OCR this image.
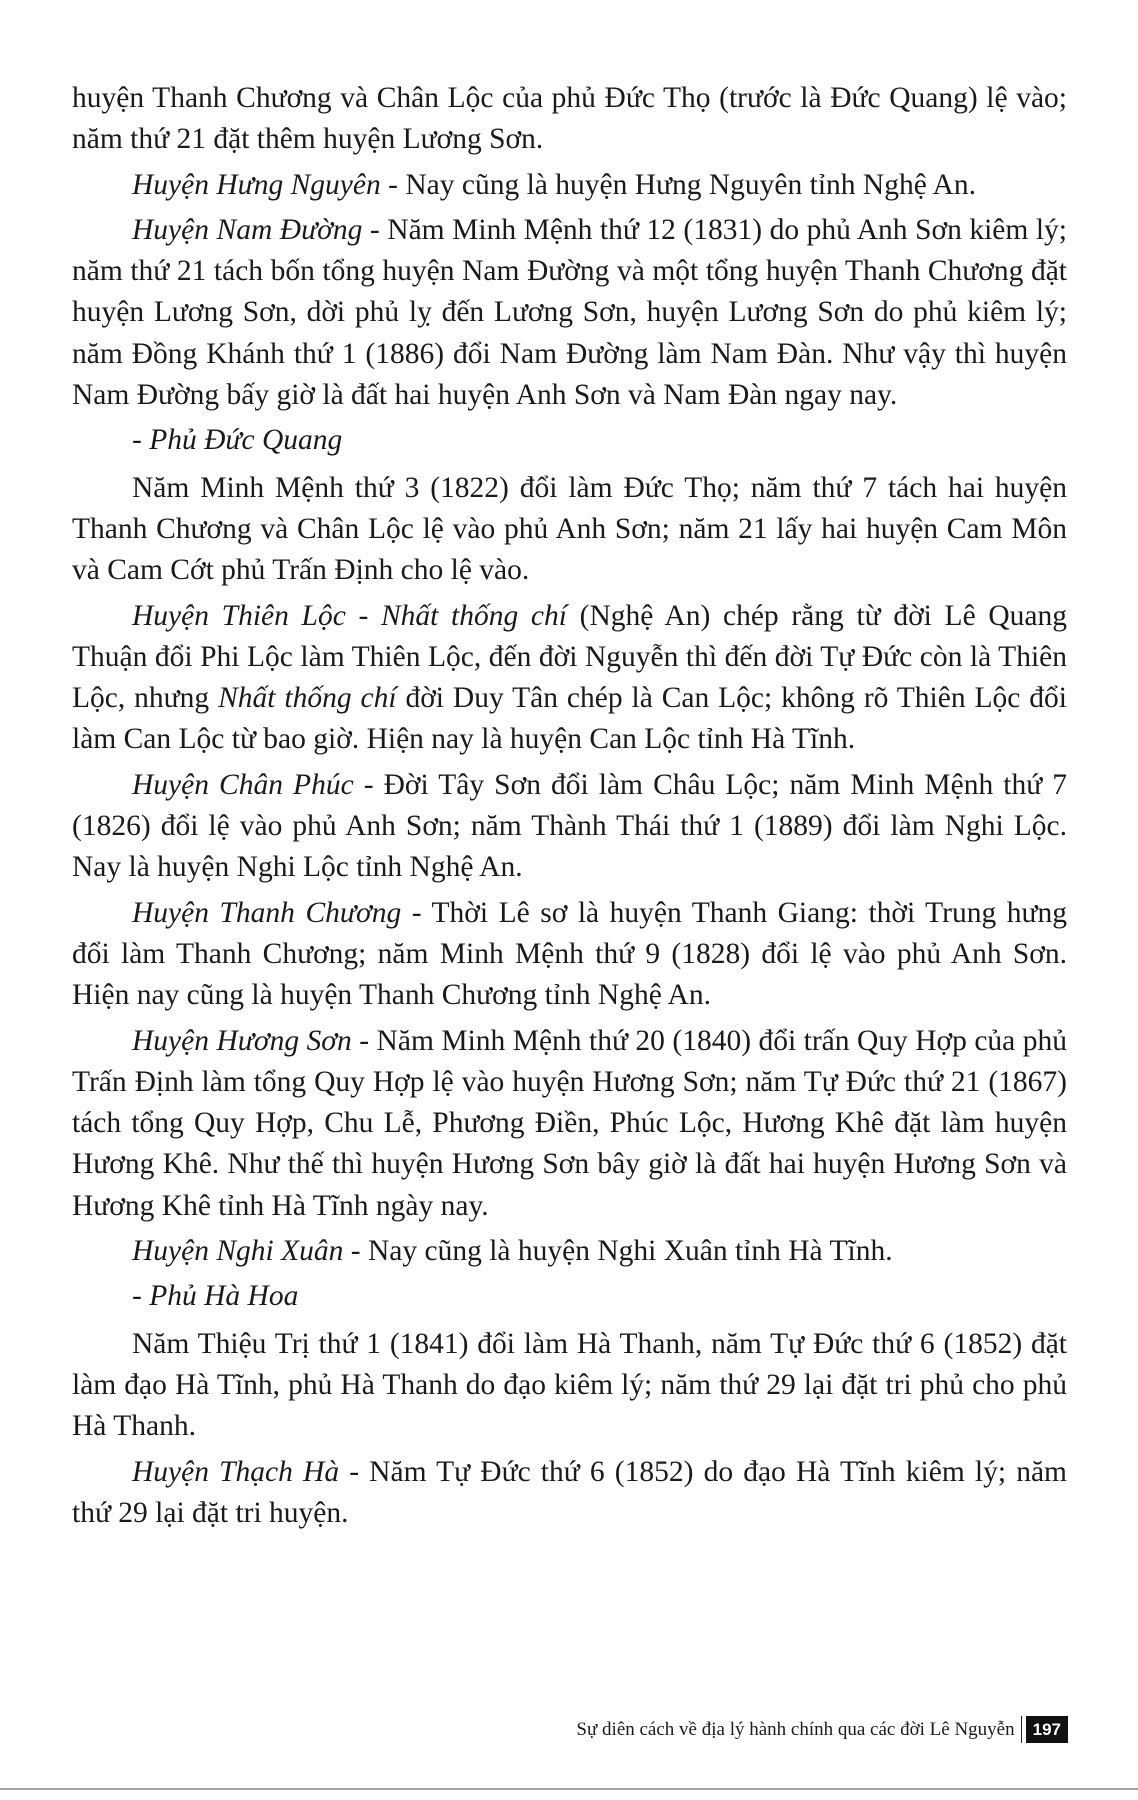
huyện Thanh Chương và Chân Lộc của phủ Đức Thọ (trước là Đức Quang) lệ vào; năm thứ 21 đặt thêm huyện Lương Sơn.

Huyện Hưng Nguyên - Nay cũng là huyện Hưng Nguyên tỉnh Nghệ An.

Huyện Nam Đường - Năm Minh Mệnh thứ 12 (1831) do phủ Anh Sơn kiêm lý; năm thứ 21 tách bốn tổng huyện Nam Đường và một tổng huyện Thanh Chương đặt huyện Lương Sơn, dời phủ lỵ đến Lương Sơn, huyện Lương Sơn do phủ kiêm lý; năm Đồng Khánh thứ 1 (1886) đổi Nam Đường làm Nam Đàn. Như vậy thì huyện Nam Đường bấy giờ là đất hai huyện Anh Sơn và Nam Đàn ngay nay.

- Phủ Đức Quang

Năm Minh Mệnh thứ 3 (1822) đổi làm Đức Thọ; năm thứ 7 tách hai huyện Thanh Chương và Chân Lộc lệ vào phủ Anh Sơn; năm 21 lấy hai huyện Cam Môn và Cam Cớt phủ Trấn Định cho lệ vào.

Huyện Thiên Lộc - Nhất thống chí (Nghệ An) chép rằng từ đời Lê Quang Thuận đổi Phi Lộc làm Thiên Lộc, đến đời Nguyễn thì đến đời Tự Đức còn là Thiên Lộc, nhưng Nhất thống chí đời Duy Tân chép là Can Lộc; không rõ Thiên Lộc đổi làm Can Lộc từ bao giờ. Hiện nay là huyện Can Lộc tỉnh Hà Tĩnh.

Huyện Chân Phúc - Đời Tây Sơn đổi làm Châu Lộc; năm Minh Mệnh thứ 7 (1826) đổi lệ vào phủ Anh Sơn; năm Thành Thái thứ 1 (1889) đổi làm Nghi Lộc. Nay là huyện Nghi Lộc tỉnh Nghệ An.

Huyện Thanh Chương - Thời Lê sơ là huyện Thanh Giang: thời Trung hưng đổi làm Thanh Chương; năm Minh Mệnh thứ 9 (1828) đổi lệ vào phủ Anh Sơn. Hiện nay cũng là huyện Thanh Chương tỉnh Nghệ An.

Huyện Hương Sơn - Năm Minh Mệnh thứ 20 (1840) đổi trấn Quy Hợp của phủ Trấn Định làm tổng Quy Hợp lệ vào huyện Hương Sơn; năm Tự Đức thứ 21 (1867) tách tổng Quy Hợp, Chu Lễ, Phương Điền, Phúc Lộc, Hương Khê đặt làm huyện Hương Khê. Như thế thì huyện Hương Sơn bây giờ là đất hai huyện Hương Sơn và Hương Khê tỉnh Hà Tĩnh ngày nay.

Huyện Nghi Xuân - Nay cũng là huyện Nghi Xuân tỉnh Hà Tĩnh.

- Phủ Hà Hoa

Năm Thiệu Trị thứ 1 (1841) đổi làm Hà Thanh, năm Tự Đức thứ 6 (1852) đặt làm đạo Hà Tĩnh, phủ Hà Thanh do đạo kiêm lý; năm thứ 29 lại đặt tri phủ cho phủ Hà Thanh.

Huyện Thạch Hà - Năm Tự Đức thứ 6 (1852) do đạo Hà Tĩnh kiêm lý; năm thứ 29 lại đặt tri huyện.

Sự diên cách về địa lý hành chính qua các đời Lê Nguyễn	197
